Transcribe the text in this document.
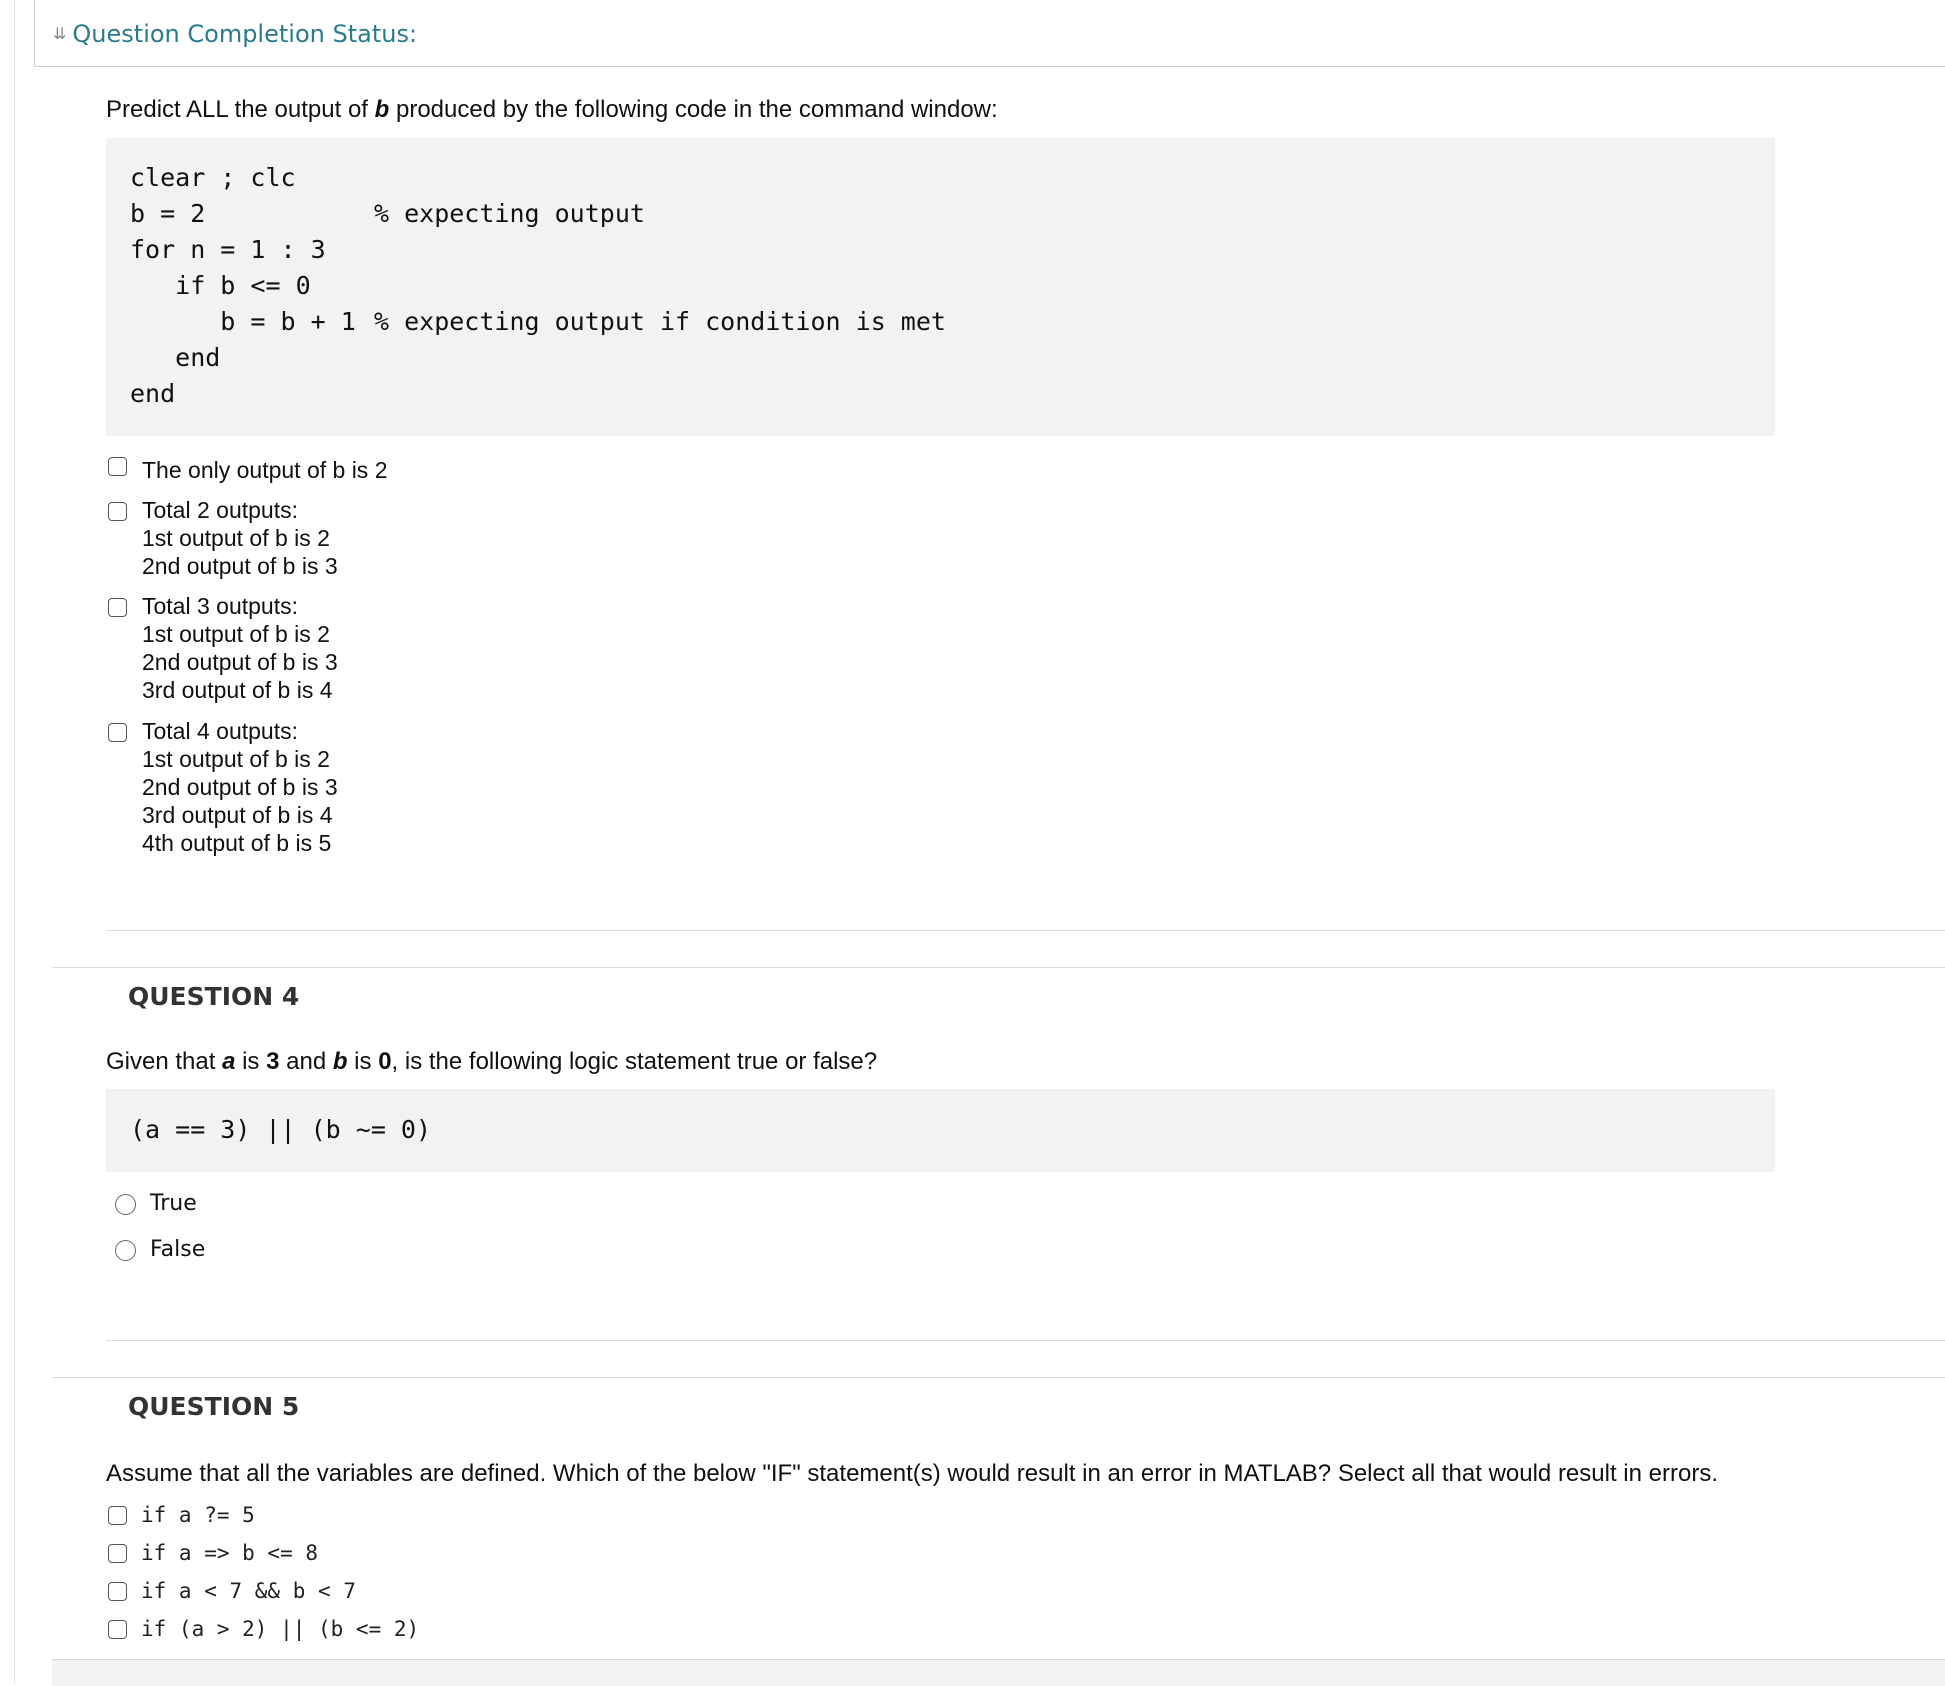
⇊ Question Completion Status:
Predict ALL the output of b produced by the following code in the command window:
clear ; clc
b = 2	% expecting output
for n = 1 : 3
if b <= 0
b = b + 1 % expecting output if condition is met
end
end
The only output of b is 2
Total 2 outputs:
1st output of b is 2
2nd output of b is 3
Total 3 outputs:
1st output of b is 2
2nd output of b is 3
3rd output of b is 4
Total 4 outputs:
1st output of b is 2
2nd output of b is 3
3rd output of b is 4
4th output of b is 5
QUESTION 4
Given that a is 3 and b is 0, is the following logic statement true or false?
(a == 3) || (b ~= 0)
True
False
QUESTION 5
Assume that all the variables are defined. Which of the below "IF" statement(s) would result in an error in MATLAB? Select all that would result in errors.
if a ?= 5
if a => b <= 8
if a < 7 && b < 7
if (a > 2) || (b <= 2)
